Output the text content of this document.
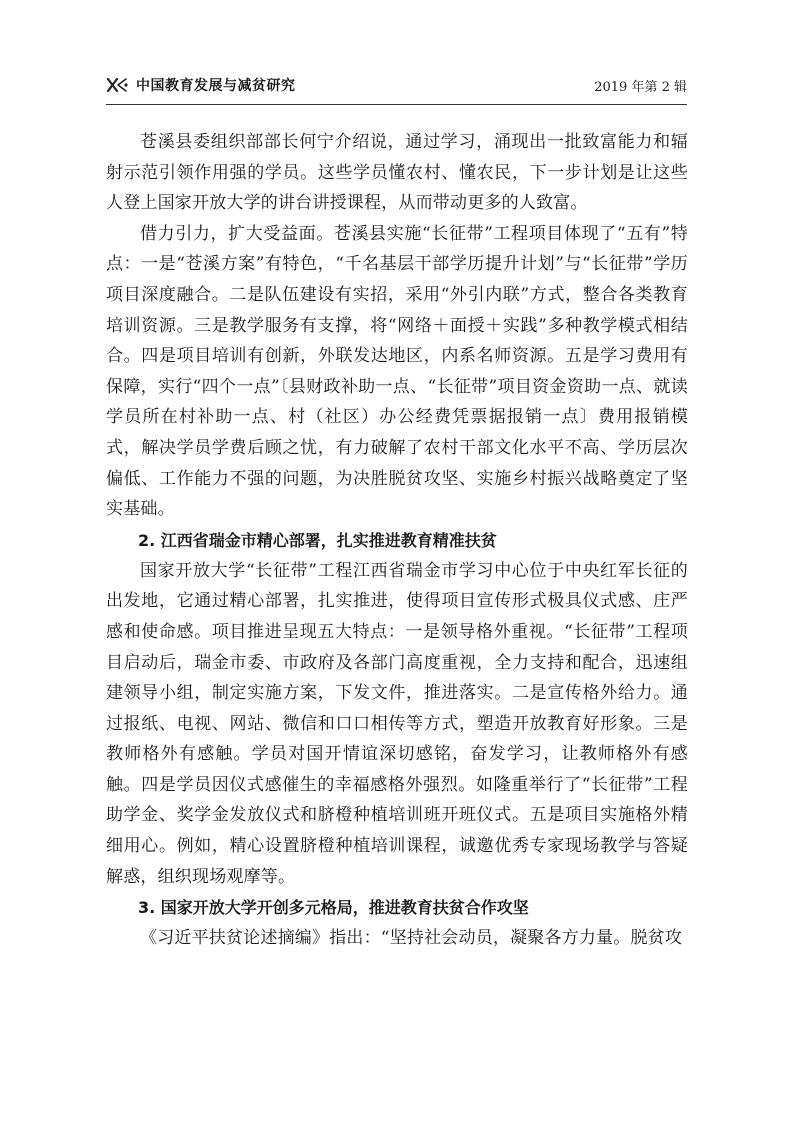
中国教育发展与减贫研究	2019 年第 2 辑

苍溪县委组织部部长何宁介绍说，通过学习，涌现出一批致富能力和辐射示范引领作用强的学员。这些学员懂农村、懂农民，下一步计划是让这些人登上国家开放大学的讲台讲授课程，从而带动更多的人致富。

借力引力，扩大受益面。苍溪县实施“长征带”工程项目体现了“五有”特点：一是“苍溪方案”有特色，“千名基层干部学历提升计划”与“长征带”学历项目深度融合。二是队伍建设有实招，采用“外引内联”方式，整合各类教育培训资源。三是教学服务有支撑，将“网络＋面授＋实践”多种教学模式相结合。四是项目培训有创新，外联发达地区，内系名师资源。五是学习费用有保障，实行“四个一点”〔县财政补助一点、“长征带”项目资金资助一点、就读学员所在村补助一点、村（社区）办公经费凭票据报销一点〕费用报销模式，解决学员学费后顾之忧，有力破解了农村干部文化水平不高、学历层次偏低、工作能力不强的问题，为决胜脱贫攻坚、实施乡村振兴战略奠定了坚实基础。

2. 江西省瑞金市精心部署，扎实推进教育精准扶贫

国家开放大学“长征带”工程江西省瑞金市学习中心位于中央红军长征的出发地，它通过精心部署，扎实推进，使得项目宣传形式极具仪式感、庄严感和使命感。项目推进呈现五大特点：一是领导格外重视。“长征带”工程项目启动后，瑞金市委、市政府及各部门高度重视，全力支持和配合，迅速组建领导小组，制定实施方案，下发文件，推进落实。二是宣传格外给力。通过报纸、电视、网站、微信和口口相传等方式，塑造开放教育好形象。三是教师格外有感触。学员对国开情谊深切感铭，奋发学习，让教师格外有感触。四是学员因仪式感催生的幸福感格外强烈。如隆重举行了“长征带”工程助学金、奖学金发放仪式和脐橙种植培训班开班仪式。五是项目实施格外精细用心。例如，精心设置脐橙种植培训课程，诚邀优秀专家现场教学与答疑解惑，组织现场观摩等。

3. 国家开放大学开创多元格局，推进教育扶贫合作攻坚

《习近平扶贫论述摘编》指出：“坚持社会动员，凝聚各方力量。脱贫攻
